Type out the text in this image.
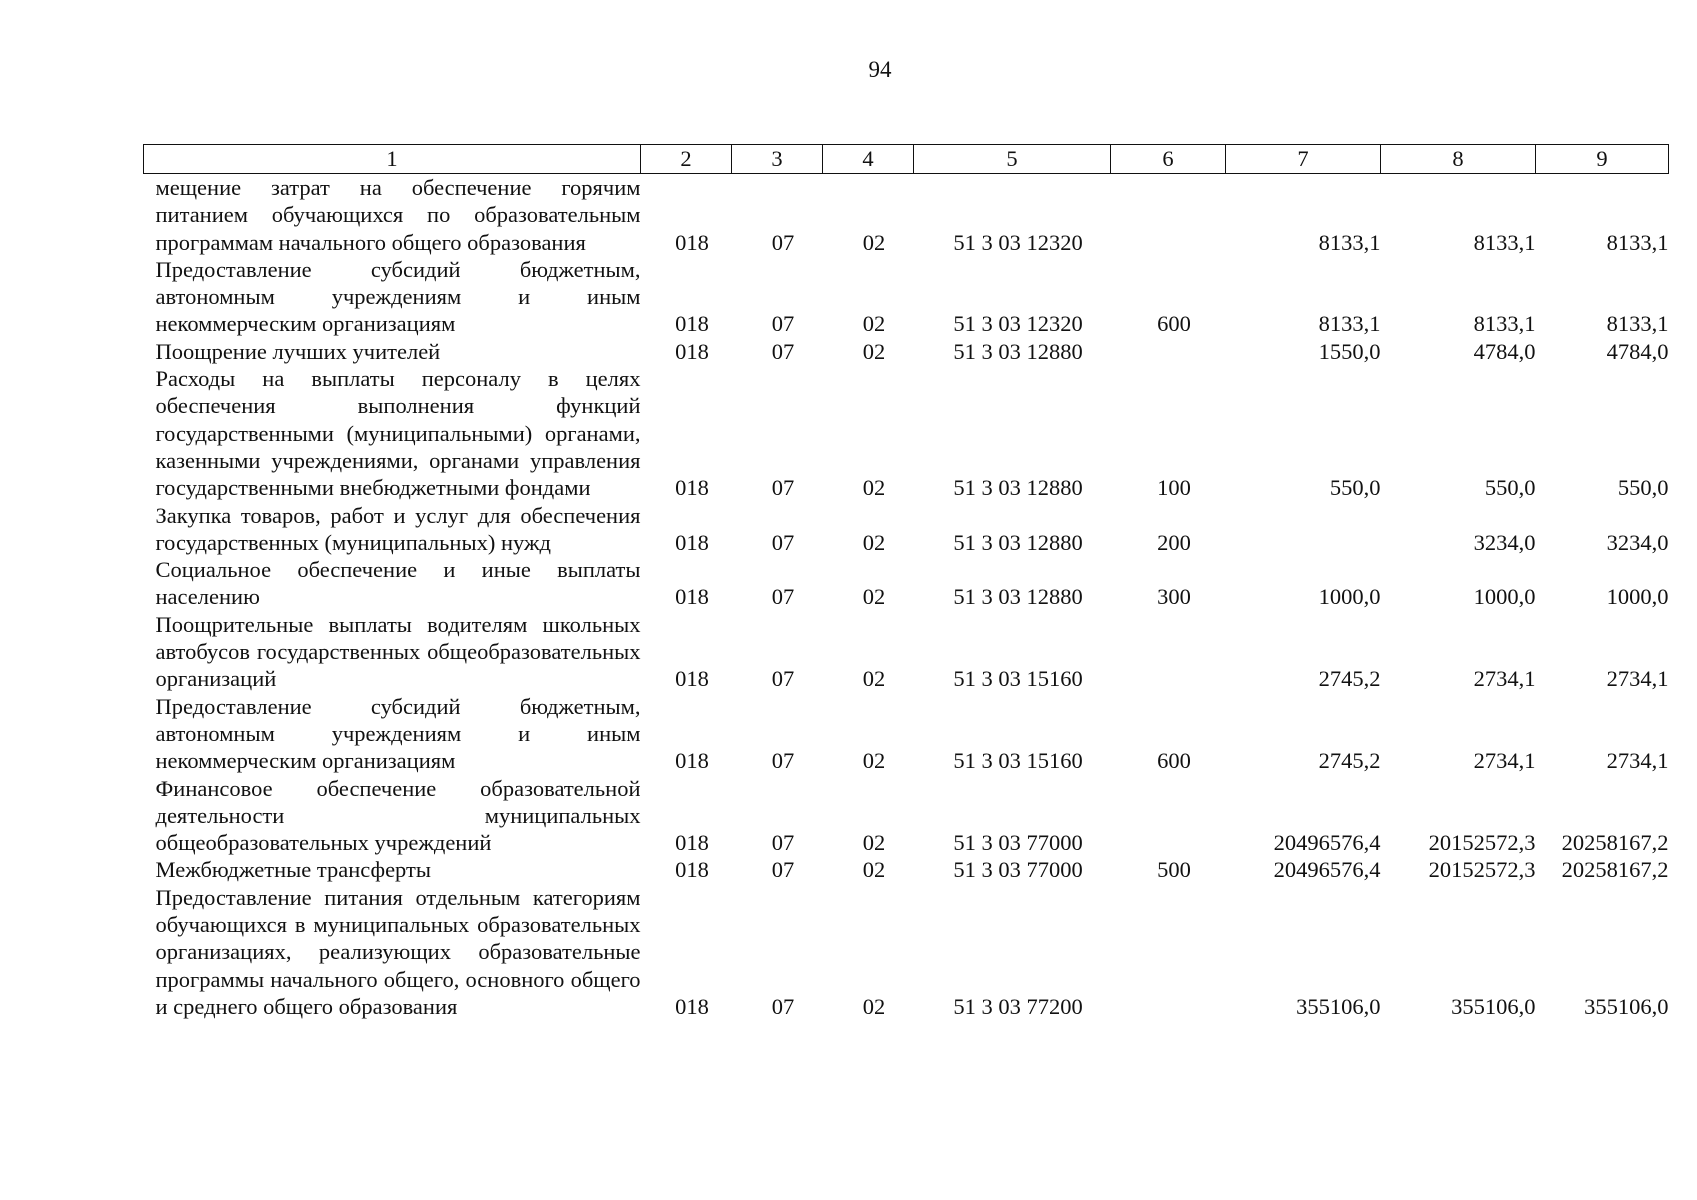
94
1	2	3	4	5	6	7	8	9
мещение затрат на обеспечение горячим питанием обучающихся по образовательным программам начального общего образования	018	07	02	51 3 03 12320		8133,1	8133,1	8133,1
Предоставление субсидий бюджетным, автономным учреждениям и иным некоммерческим организациям	018	07	02	51 3 03 12320	600	8133,1	8133,1	8133,1
Поощрение лучших учителей	018	07	02	51 3 03 12880		1550,0	4784,0	4784,0
Расходы на выплаты персоналу в целях обеспечения выполнения функций государственными (муниципальными) органами, казенными учреждениями, органами управления государственными внебюджетными фондами	018	07	02	51 3 03 12880	100	550,0	550,0	550,0
Закупка товаров, работ и услуг для обеспечения государственных (муниципальных) нужд	018	07	02	51 3 03 12880	200		3234,0	3234,0
Социальное обеспечение и иные выплаты населению	018	07	02	51 3 03 12880	300	1000,0	1000,0	1000,0
Поощрительные выплаты водителям школьных автобусов государственных общеобразовательных организаций	018	07	02	51 3 03 15160		2745,2	2734,1	2734,1
Предоставление субсидий бюджетным, автономным учреждениям и иным некоммерческим организациям	018	07	02	51 3 03 15160	600	2745,2	2734,1	2734,1
Финансовое обеспечение образовательной деятельности муниципальных общеобразовательных учреждений	018	07	02	51 3 03 77000		20496576,4	20152572,3	20258167,2
Межбюджетные трансферты	018	07	02	51 3 03 77000	500	20496576,4	20152572,3	20258167,2
Предоставление питания отдельным категориям обучающихся в муниципальных образовательных организациях, реализующих образовательные программы начального общего, основного общего и среднего общего образования	018	07	02	51 3 03 77200		355106,0	355106,0	355106,0
